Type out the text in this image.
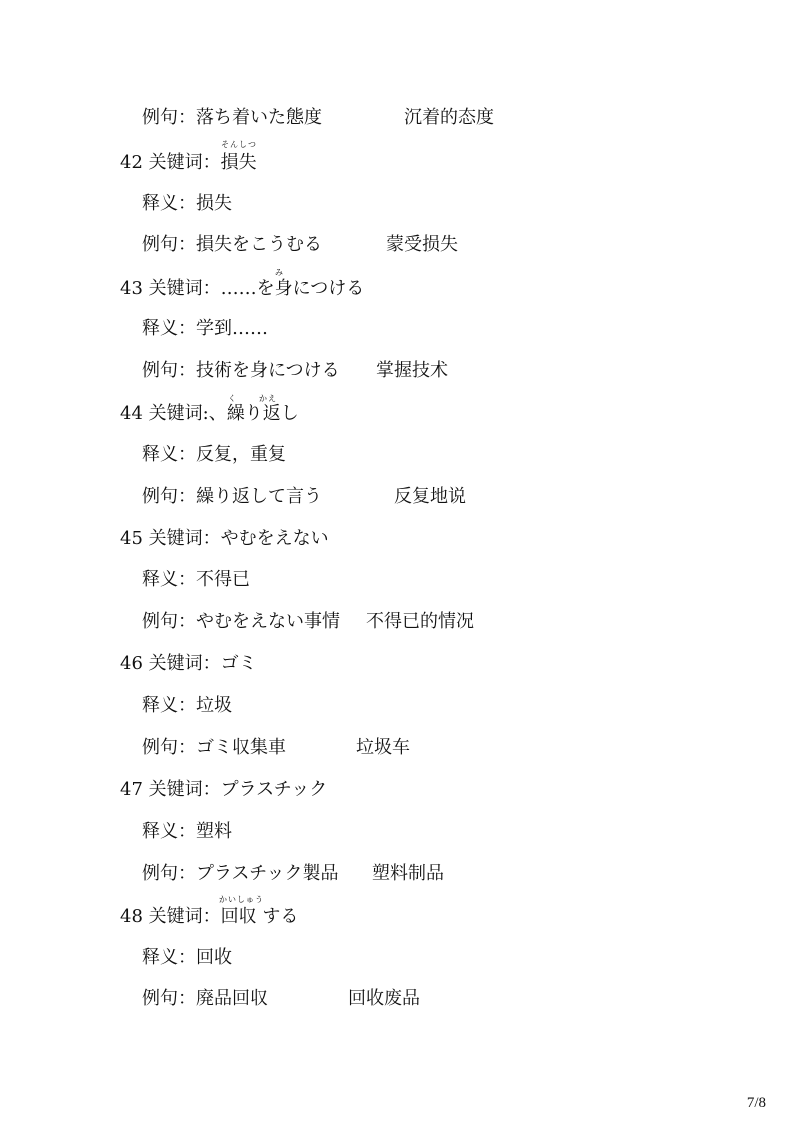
例句：落ち着いた態度	沉着的态度
42 关键词：損失
そんしつ
释义：损失
例句：損失をこうむる	蒙受损失
43 关键词：……を身につける
み
释义：学到……
例句：技術を身につける 掌握技术
44 关键词:、繰り返し
く	かえ
释义：反复，重复
例句：繰り返して言う	反复地说
45 关键词：やむをえない
释义：不得已
例句：やむをえない事情 不得已的情况
46 关键词：ゴミ
释义：垃圾
例句：ゴミ収集車	垃圾车
47 关键词：プラスチック
释义：塑料
例句：プラスチック製品 塑料制品
48 关键词：回収 する
かいしゅう
释义：回收
例句：廃品回収	回收废品
7/8
